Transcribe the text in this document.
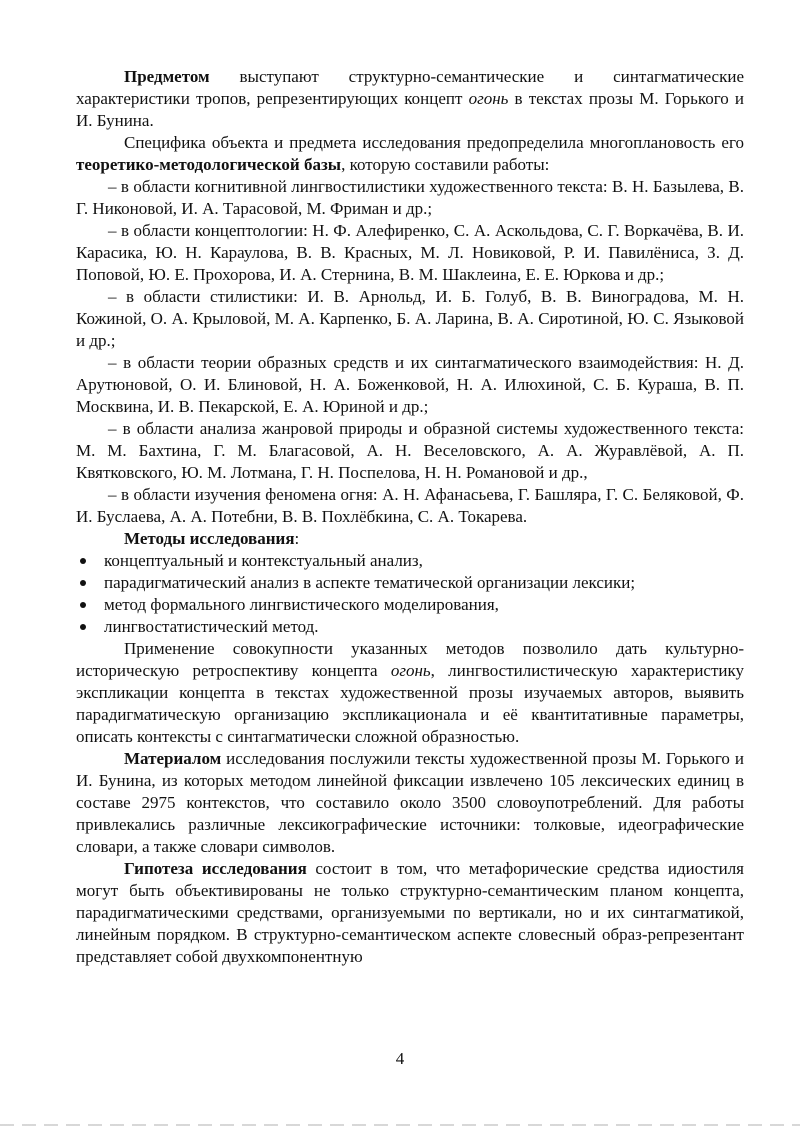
Предметом выступают структурно-семантические и синтагматические характеристики тропов, репрезентирующих концепт огонь в текстах прозы М. Горького и И. Бунина.

Специфика объекта и предмета исследования предопределила многоплановость его теоретико-методологической базы, которую составили работы:

– в области когнитивной лингвостилистики художественного текста: В. Н. Базылева, В. Г. Никоновой, И. А. Тарасовой, М. Фриман и др.;

– в области концептологии: Н. Ф. Алефиренко, С. А. Аскольдова, С. Г. Воркачёва, В. И. Карасика, Ю. Н. Караулова, В. В. Красных, М. Л. Новиковой, Р. И. Павилёниса, З. Д. Поповой, Ю. Е. Прохорова, И. А. Стернина, В. М. Шаклеина, Е. Е. Юркова и др.;

– в области стилистики: И. В. Арнольд, И. Б. Голуб, В. В. Виноградова, М. Н. Кожиной, О. А. Крыловой, М. А. Карпенко, Б. А. Ларина, В. А. Сиротиной, Ю. С. Языковой и др.;

– в области теории образных средств и их синтагматического взаимодействия: Н. Д. Арутюновой, О. И. Блиновой, Н. А. Боженковой, Н. А. Илюхиной, С. Б. Кураша, В. П. Москвина, И. В. Пекарской, Е. А. Юриной и др.;

– в области анализа жанровой природы и образной системы художественного текста: М. М. Бахтина, Г. М. Благасовой, А. Н. Веселовского, А. А. Журавлёвой, А. П. Квятковского, Ю. М. Лотмана, Г. Н. Поспелова, Н. Н. Романовой и др.,

– в области изучения феномена огня: А. Н. Афанасьева, Г. Башляра, Г. С. Беляковой, Ф. И. Буслаева, А. А. Потебни, В. В. Похлёбкина, С. А. Токарева.

Методы исследования:

концептуальный и контекстуальный анализ,
парадигматический анализ в аспекте тематической организации лексики;
метод формального лингвистического моделирования,
лингвостатистический метод.

Применение совокупности указанных методов позволило дать культурно-историческую ретроспективу концепта огонь, лингвостилистическую характеристику экспликации концепта в текстах художественной прозы изучаемых авторов, выявить парадигматическую организацию экспликационала и её квантитативные параметры, описать контексты с синтагматически сложной образностью.

Материалом исследования послужили тексты художественной прозы М. Горького и И. Бунина, из которых методом линейной фиксации извлечено 105 лексических единиц в составе 2975 контекстов, что составило около 3500 словоупотреблений. Для работы привлекались различные лексикографические источники: толковые, идеографические словари, а также словари символов.

Гипотеза исследования состоит в том, что метафорические средства идиостиля могут быть объективированы не только структурно-семантическим планом концепта, парадигматическими средствами, организуемыми по вертикали, но и их синтагматикой, линейным порядком. В структурно-семантическом аспекте словесный образ-репрезентант представляет собой двухкомпонентную

4
